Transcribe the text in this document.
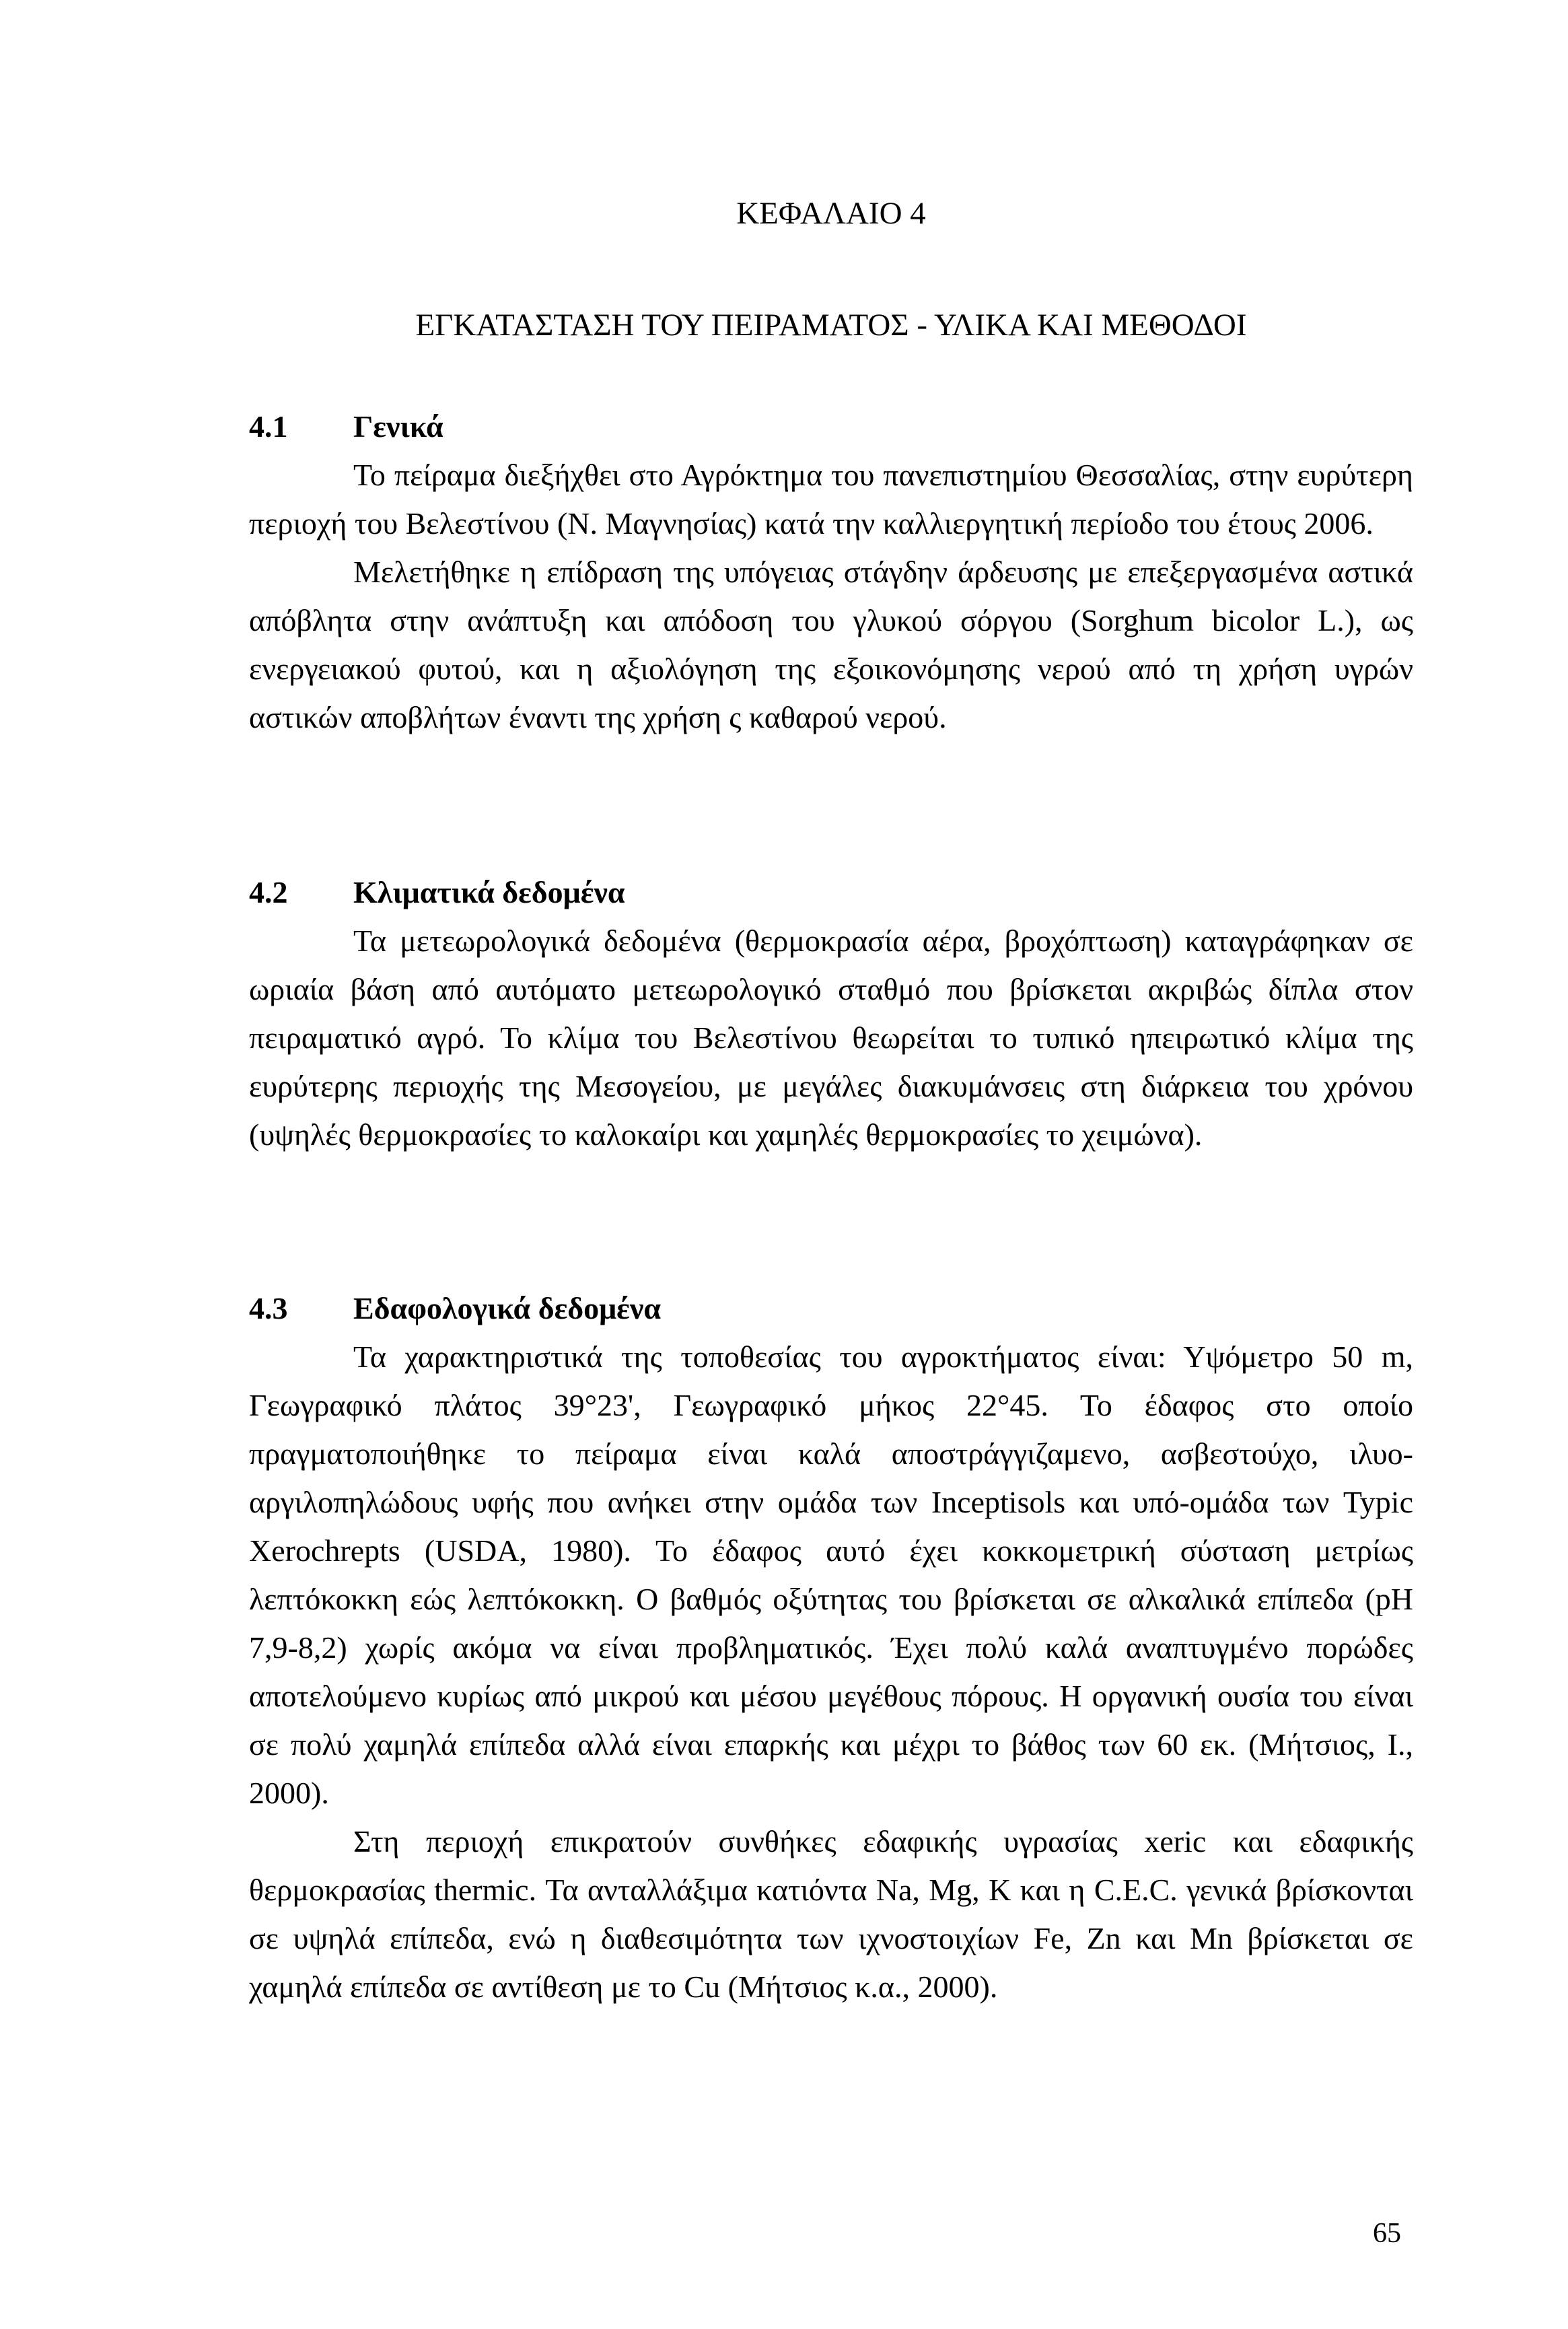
ΚΕΦΑΛΑΙΟ 4
ΕΓΚΑΤΑΣΤΑΣΗ ΤΟΥ ΠΕΙΡΑΜΑΤΟΣ - ΥΛΙΚΑ ΚΑΙ ΜΕΘΟΔΟΙ
4.1 Γενικά

Το πείραμα διεξήχθει στο Αγρόκτημα του πανεπιστημίου Θεσσαλίας, στην ευρύτερη περιοχή του Βελεστίνου (Ν. Μαγνησίας) κατά την καλλιεργητική περίοδο του έτους 2006.

Μελετήθηκε η επίδραση της υπόγειας στάγδην άρδευσης με επεξεργασμένα αστικά απόβλητα στην ανάπτυξη και απόδοση του γλυκού σόργου (Sorghum bicolor L.), ως ενεργειακού φυτού, και η αξιολόγηση της εξοικονόμησης νερού από τη χρήση υγρών αστικών αποβλήτων έναντι της χρήση ς καθαρού νερού.

4.2 Κλιματικά δεδομένα

Τα μετεωρολογικά δεδομένα (θερμοκρασία αέρα, βροχόπτωση) καταγράφηκαν σε ωριαία βάση από αυτόματο μετεωρολογικό σταθμό που βρίσκεται ακριβώς δίπλα στον πειραματικό αγρό. Το κλίμα του Βελεστίνου θεωρείται το τυπικό ηπειρωτικό κλίμα της ευρύτερης περιοχής της Μεσογείου, με μεγάλες διακυμάνσεις στη διάρκεια του χρόνου (υψηλές θερμοκρασίες το καλοκαίρι και χαμηλές θερμοκρασίες το χειμώνα).

4.3 Εδαφολογικά δεδομένα

Τα χαρακτηριστικά της τοποθεσίας του αγροκτήματος είναι: Υψόμετρο 50 m, Γεωγραφικό πλάτος 39°23', Γεωγραφικό μήκος 22°45. Το έδαφος στο οποίο πραγματοποιήθηκε το πείραμα είναι καλά αποστράγγιζαμενο, ασβεστούχο, ιλυο-αργιλοπηλώδους υφής που ανήκει στην ομάδα των Inceptisols και υπό-ομάδα των Typic Xerochrepts (USDA, 1980). Το έδαφος αυτό έχει κοκκομετρική σύσταση μετρίως λεπτόκοκκη εώς λεπτόκοκκη. Ο βαθμός οξύτητας του βρίσκεται σε αλκαλικά επίπεδα (pH 7,9-8,2) χωρίς ακόμα να είναι προβληματικός. Έχει πολύ καλά αναπτυγμένο πορώδες αποτελούμενο κυρίως από μικρού και μέσου μεγέθους πόρους. Η οργανική ουσία του είναι σε πολύ χαμηλά επίπεδα αλλά είναι επαρκής και μέχρι το βάθος των 60 εκ. (Μήτσιος, Ι., 2000).

Στη περιοχή επικρατούν συνθήκες εδαφικής υγρασίας xeric και εδαφικής θερμοκρασίας thermic. Τα ανταλλάξιμα κατιόντα Na, Mg, K και η C.E.C. γενικά βρίσκονται σε υψηλά επίπεδα, ενώ η διαθεσιμότητα των ιχνοστοιχίων Fe, Zn και Mn βρίσκεται σε χαμηλά επίπεδα σε αντίθεση με το Cu (Μήτσιος κ.α., 2000).

65
